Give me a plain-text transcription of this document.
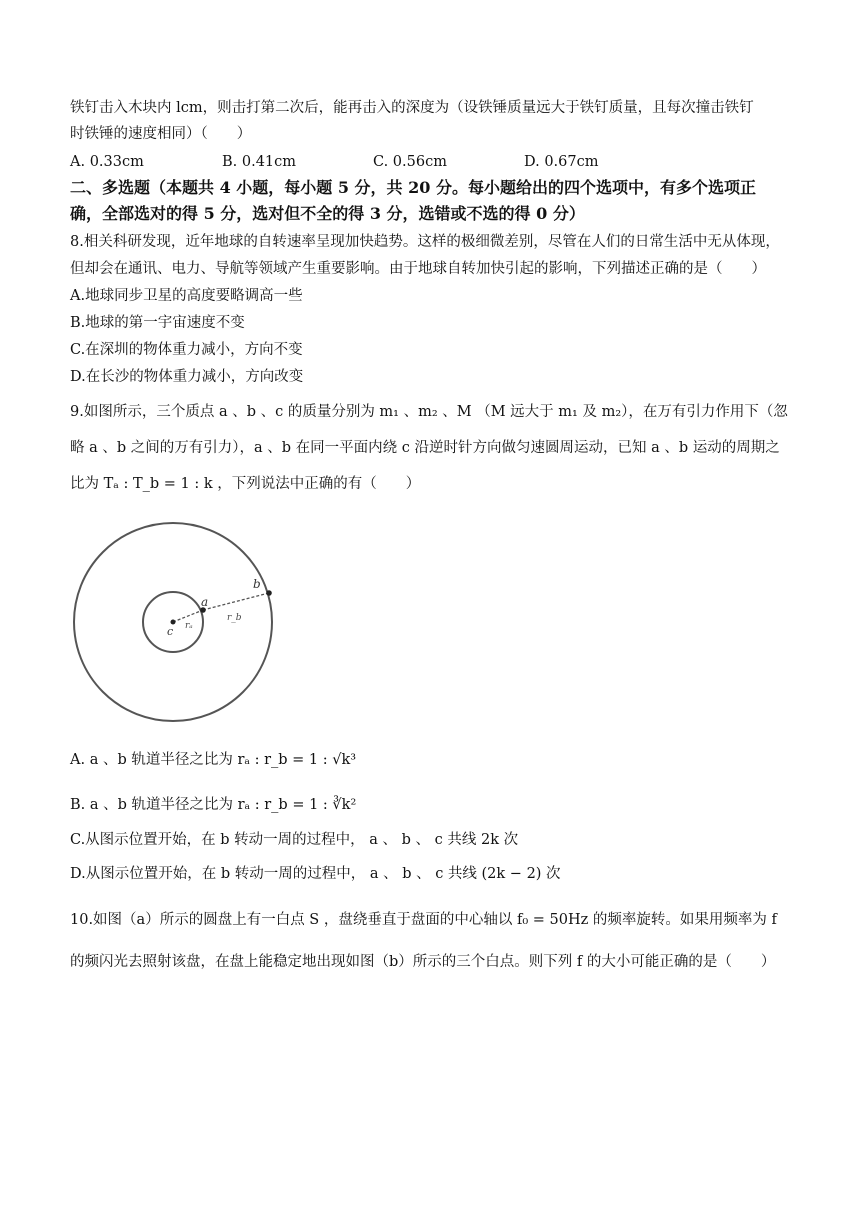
铁钉击入木块内 lcm，则击打第二次后，能再击入的深度为（设铁锤质量远大于铁钉质量，且每次撞击铁钉
时铁锤的速度相同）（　　）
A. 0.33cm	B. 0.41cm	C. 0.56cm	D. 0.67cm
二、多选题（本题共 4 小题，每小题 5 分，共 20 分。每小题给出的四个选项中，有多个选项正
确，全部选对的得 5 分，选对但不全的得 3 分，选错或不选的得 0 分）
8.相关科研发现，近年地球的自转速率呈现加快趋势。这样的极细微差别，尽管在人们的日常生活中无从体现，
但却会在通讯、电力、导航等领域产生重要影响。由于地球自转加快引起的影响，下列描述正确的是（　　）
A.地球同步卫星的高度要略调高一些
B.地球的第一宇宙速度不变
C.在深圳的物体重力减小，方向不变
D.在长沙的物体重力减小，方向改变
9.如图所示，三个质点 a 、b 、c 的质量分别为 m₁ 、m₂ 、M （M 远大于 m₁ 及 m₂），在万有引力作用下（忽
略 a 、b 之间的万有引力），a 、b 在同一平面内绕 c 沿逆时针方向做匀速圆周运动，已知 a 、b 运动的周期之
比为 Tₐ : T_b = 1 : k ，下列说法中正确的有（　　）
c
a
b
rₐ
r_b
A. a 、b 轨道半径之比为 rₐ : r_b = 1 : √k³
B. a 、b 轨道半径之比为 rₐ : r_b = 1 : ∛k²
C.从图示位置开始，在 b 转动一周的过程中， a 、 b 、 c 共线 2k 次
D.从图示位置开始，在 b 转动一周的过程中， a 、 b 、 c 共线 (2k − 2) 次
10.如图（a）所示的圆盘上有一白点 S ，盘绕垂直于盘面的中心轴以 f₀ = 50Hz 的频率旋转。如果用频率为 f
的频闪光去照射该盘，在盘上能稳定地出现如图（b）所示的三个白点。则下列 f 的大小可能正确的是（　　）
